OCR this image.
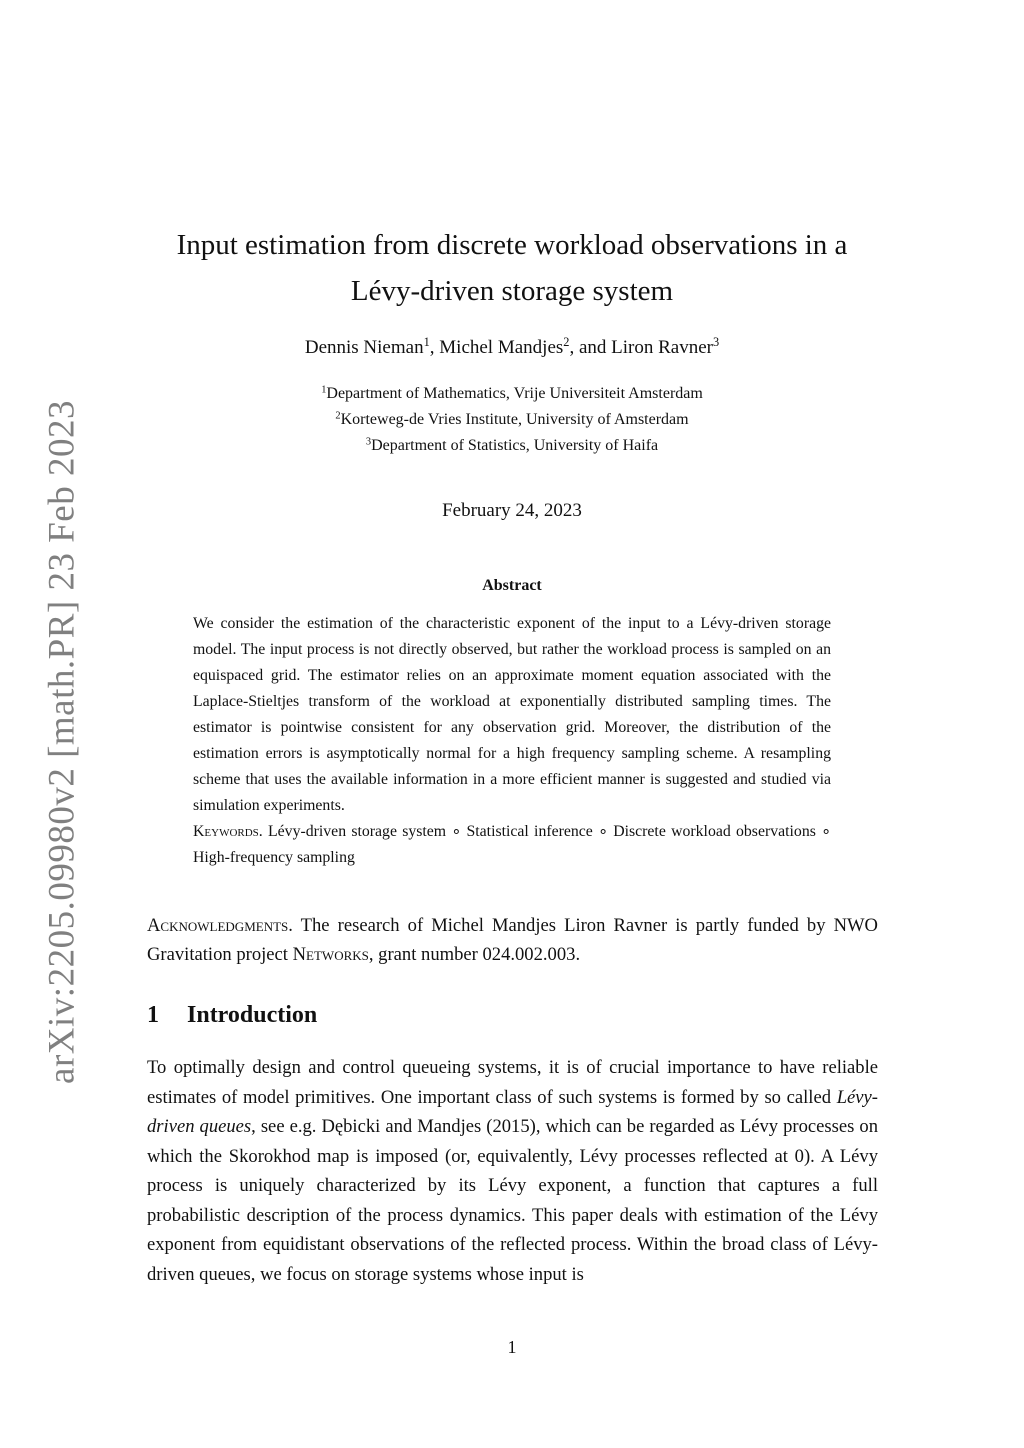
arXiv:2205.09980v2 [math.PR] 23 Feb 2023
Input estimation from discrete workload observations in a
Lévy-driven storage system
Dennis Nieman$^1$, Michel Mandjes$^2$, and Liron Ravner$^3$
$^1$Department of Mathematics, Vrije Universiteit Amsterdam
$^2$Korteweg-de Vries Institute, University of Amsterdam
$^3$Department of Statistics, University of Haifa
February 24, 2023
Abstract

We consider the estimation of the characteristic exponent of the input to a Lévy-driven storage model. The input process is not directly observed, but rather the workload process is sampled on an equispaced grid. The estimator relies on an approximate moment equation associated with the Laplace-Stieltjes transform of the workload at exponentially distributed sampling times. The estimator is pointwise consistent for any observation grid. Moreover, the distribution of the estimation errors is asymptotically normal for a high frequency sampling scheme. A resampling scheme that uses the available information in a more efficient manner is suggested and studied via simulation experiments.

Keywords. Lévy-driven storage system ∘ Statistical inference ∘ Discrete workload observations ∘ High-frequency sampling

Acknowledgments. The research of Michel Mandjes Liron Ravner is partly funded by NWO Gravitation project Networks, grant number 024.002.003.
1 Introduction

To optimally design and control queueing systems, it is of crucial importance to have reliable estimates of model primitives. One important class of such systems is formed by so called Lévy-driven queues, see e.g. Dębicki and Mandjes (2015), which can be regarded as Lévy processes on which the Skorokhod map is imposed (or, equivalently, Lévy processes reflected at 0). A Lévy process is uniquely characterized by its Lévy exponent, a function that captures a full probabilistic description of the process dynamics. This paper deals with estimation of the Lévy exponent from equidistant observations of the reflected process. Within the broad class of Lévy-driven queues, we focus on storage systems whose input is

1
